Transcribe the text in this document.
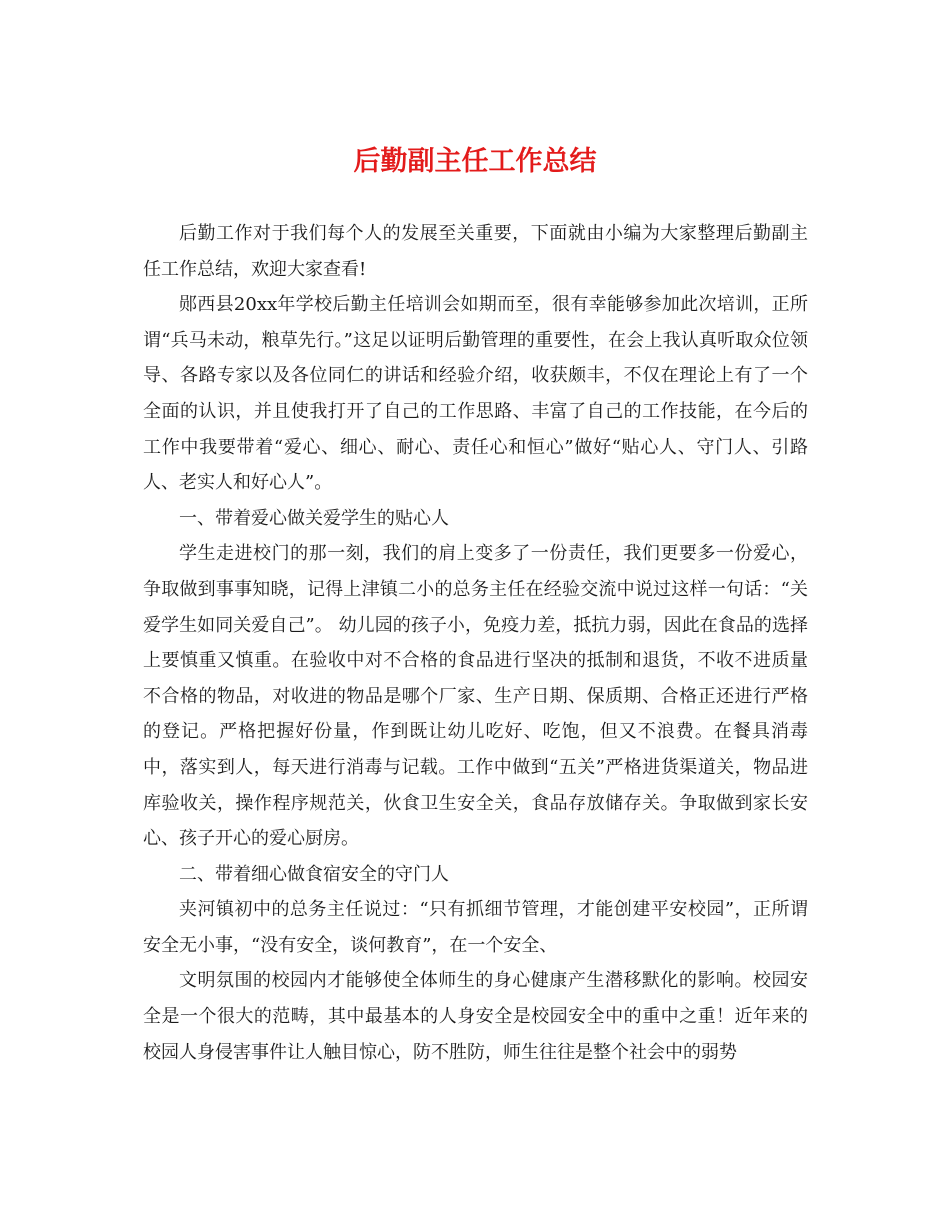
后勤副主任工作总结

后勤工作对于我们每个人的发展至关重要，下面就由小编为大家整理后勤副主任工作总结，欢迎大家查看!

郧西县20xx年学校后勤主任培训会如期而至，很有幸能够参加此次培训，正所谓“兵马未动，粮草先行。”这足以证明后勤管理的重要性，在会上我认真听取众位领导、各路专家以及各位同仁的讲话和经验介绍，收获颇丰，不仅在理论上有了一个全面的认识，并且使我打开了自己的工作思路、丰富了自己的工作技能，在今后的工作中我要带着“爱心、细心、耐心、责任心和恒心”做好“贴心人、守门人、引路人、老实人和好心人”。

一、带着爱心做关爱学生的贴心人

学生走进校门的那一刻，我们的肩上变多了一份责任，我们更要多一份爱心，争取做到事事知晓，记得上津镇二小的总务主任在经验交流中说过这样一句话：“关爱学生如同关爱自己”。 幼儿园的孩子小，免疫力差，抵抗力弱，因此在食品的选择上要慎重又慎重。在验收中对不合格的食品进行坚决的抵制和退货，不收不进质量不合格的物品，对收进的物品是哪个厂家、生产日期、保质期、合格正还进行严格的登记。严格把握好份量，作到既让幼儿吃好、吃饱，但又不浪费。在餐具消毒中，落实到人，每天进行消毒与记载。工作中做到“五关”严格进货渠道关，物品进库验收关，操作程序规范关，伙食卫生安全关，食品存放储存关。争取做到家长安心、孩子开心的爱心厨房。

二、带着细心做食宿安全的守门人

夹河镇初中的总务主任说过：“只有抓细节管理，才能创建平安校园”，正所谓安全无小事，“没有安全，谈何教育”，在一个安全、

文明氛围的校园内才能够使全体师生的身心健康产生潜移默化的影响。校园安全是一个很大的范畴，其中最基本的人身安全是校园安全中的重中之重！近年来的校园人身侵害事件让人触目惊心，防不胜防，师生往往是整个社会中的弱势
